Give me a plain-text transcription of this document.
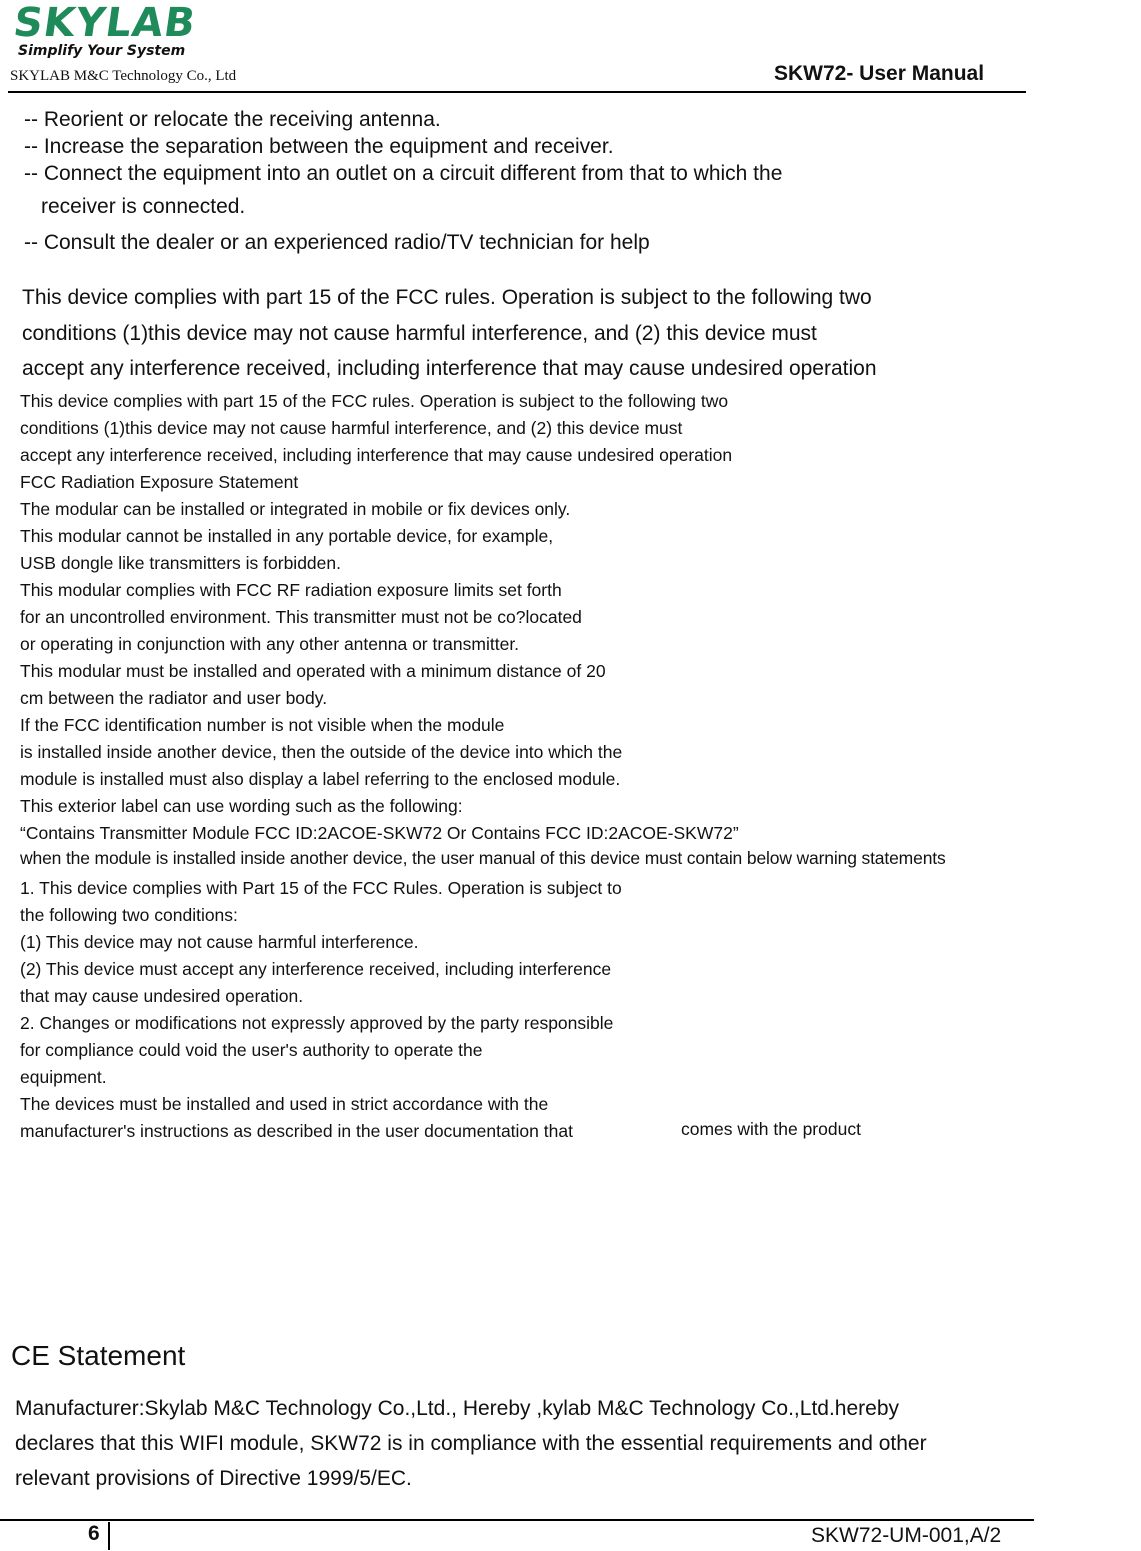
SKYLAB
Simplify Your System
SKYLAB M&C Technology Co., Ltd	SKW72- User Manual
-- Reorient or relocate the receiving antenna.
-- Increase the separation between the equipment and receiver.
-- Connect the equipment into an outlet on a circuit different from that to which the
receiver is connected.
-- Consult the dealer or an experienced radio/TV technician for help
This device complies with part 15 of the FCC rules. Operation is subject to the following two
conditions (1)this device may not cause harmful interference, and (2) this device must
accept any interference received, including interference that may cause undesired operation
This device complies with part 15 of the FCC rules. Operation is subject to the following two
conditions (1)this device may not cause harmful interference, and (2) this device must
accept any interference received, including interference that may cause undesired operation
FCC Radiation Exposure Statement
The modular can be installed or integrated in mobile or fix devices only.
This modular cannot be installed in any portable device, for example,
USB dongle like transmitters is forbidden.
This modular complies with FCC RF radiation exposure limits set forth
for an uncontrolled environment. This transmitter must not be co?located
or operating in conjunction with any other antenna or transmitter.
This modular must be installed and operated with a minimum distance of 20
cm between the radiator and user body.
If the FCC identification number is not visible when the module
is installed inside another device, then the outside of the device into which the
module is installed must also display a label referring to the enclosed module.
This exterior label can use wording such as the following:
“Contains Transmitter Module FCC ID:2ACOE-SKW72 Or Contains FCC ID:2ACOE-SKW72”
when the module is installed inside another device, the user manual of this device must contain below warning statements
1. This device complies with Part 15 of the FCC Rules. Operation is subject to
the following two conditions:
(1) This device may not cause harmful interference.
(2) This device must accept any interference received, including interference
that may cause undesired operation.
2. Changes or modifications not expressly approved by the party responsible
for compliance could void the user's authority to operate the
equipment.
The devices must be installed and used in strict accordance with the
manufacturer's instructions as described in the user documentation that	comes with the product
CE Statement
Manufacturer:Skylab M&C Technology Co.,Ltd., Hereby ,kylab M&C Technology Co.,Ltd.hereby
declares that this WIFI module, SKW72 is in compliance with the essential requirements and other
relevant provisions of Directive 1999/5/EC.
6	SKW72-UM-001,A/2
